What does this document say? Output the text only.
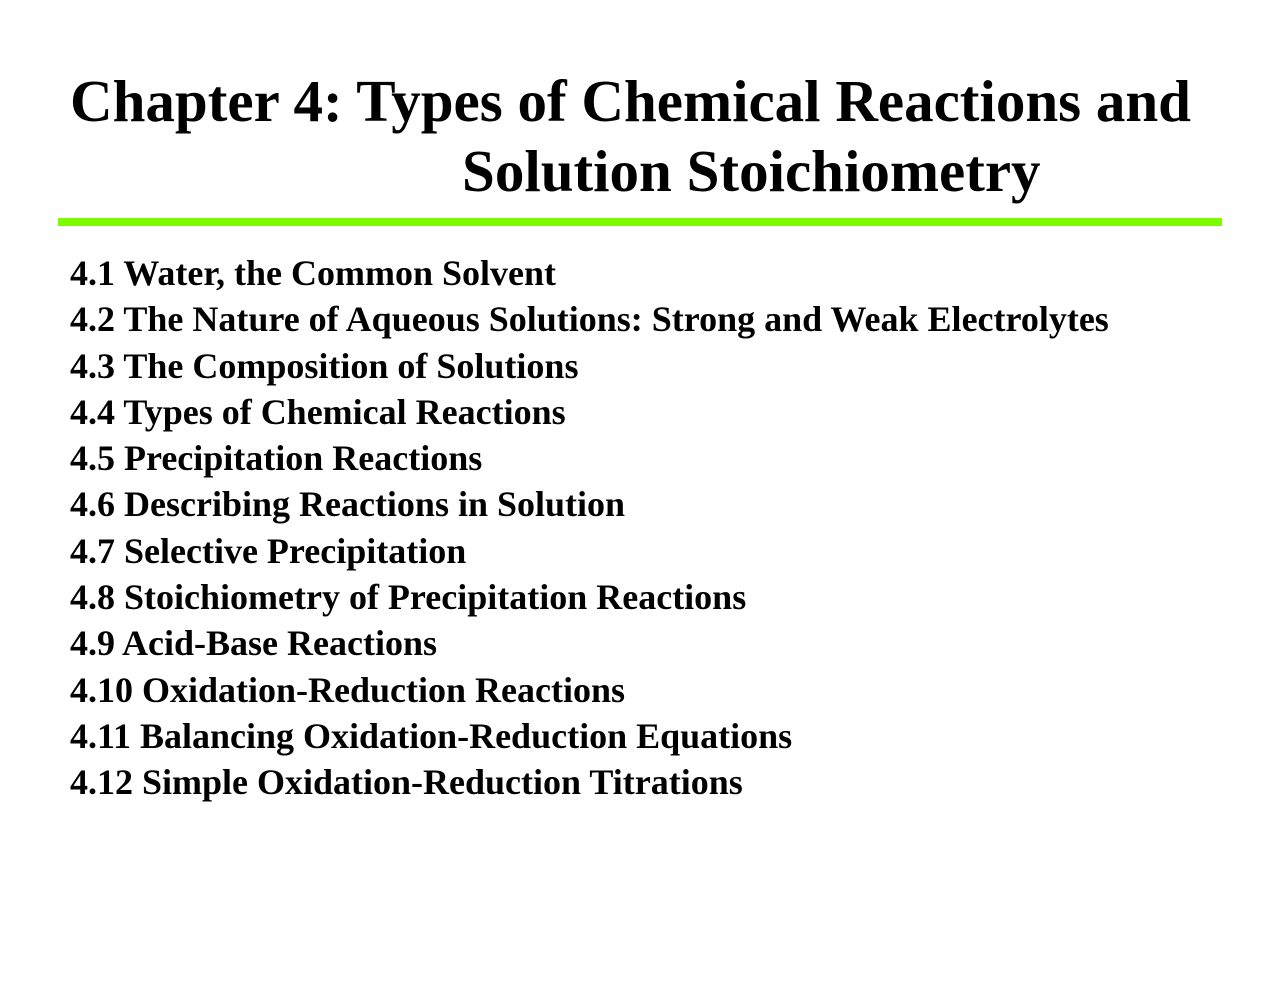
Chapter 4: Types of Chemical Reactions and
Solution Stoichiometry
4.1 Water, the Common Solvent
4.2 The Nature of Aqueous Solutions: Strong and Weak Electrolytes
4.3 The Composition of Solutions
4.4 Types of Chemical Reactions
4.5 Precipitation Reactions
4.6 Describing Reactions in Solution
4.7 Selective Precipitation
4.8 Stoichiometry of Precipitation Reactions
4.9 Acid-Base Reactions
4.10 Oxidation-Reduction Reactions
4.11 Balancing Oxidation-Reduction Equations
4.12 Simple Oxidation-Reduction Titrations
